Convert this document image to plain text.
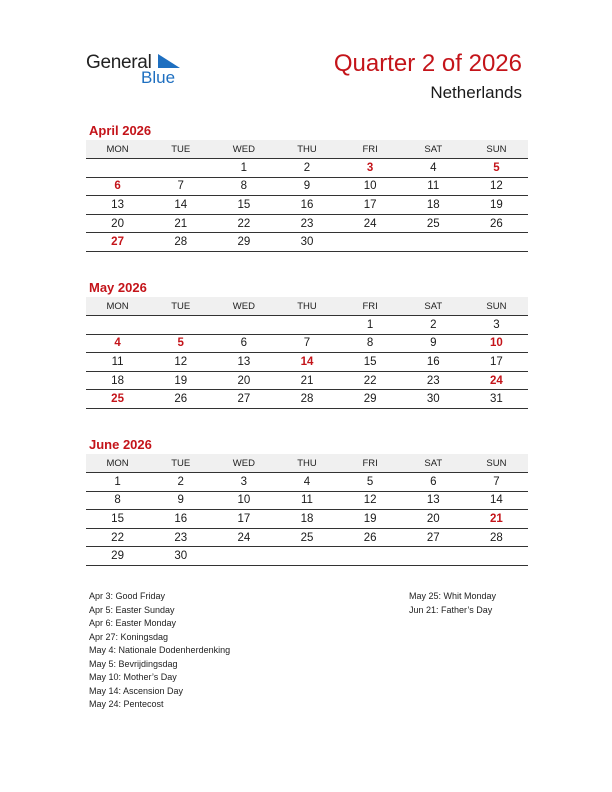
General
Blue
Quarter 2 of 2026
Netherlands
April 2026
MON	TUE	WED	THU	FRI	SAT	SUN
		1	2	3	4	5
6	7	8	9	10	11	12
13	14	15	16	17	18	19
20	21	22	23	24	25	26
27	28	29	30			
May 2026
MON	TUE	WED	THU	FRI	SAT	SUN
				1	2	3
4	5	6	7	8	9	10
11	12	13	14	15	16	17
18	19	20	21	22	23	24
25	26	27	28	29	30	31
June 2026
MON	TUE	WED	THU	FRI	SAT	SUN
1	2	3	4	5	6	7
8	9	10	11	12	13	14
15	16	17	18	19	20	21
22	23	24	25	26	27	28
29	30					
Apr 3: Good Friday
Apr 5: Easter Sunday
Apr 6: Easter Monday
Apr 27: Koningsdag
May 4: Nationale Dodenherdenking
May 5: Bevrijdingsdag
May 10: Mother’s Day
May 14: Ascension Day
May 24: Pentecost
May 25: Whit Monday
Jun 21: Father’s Day
